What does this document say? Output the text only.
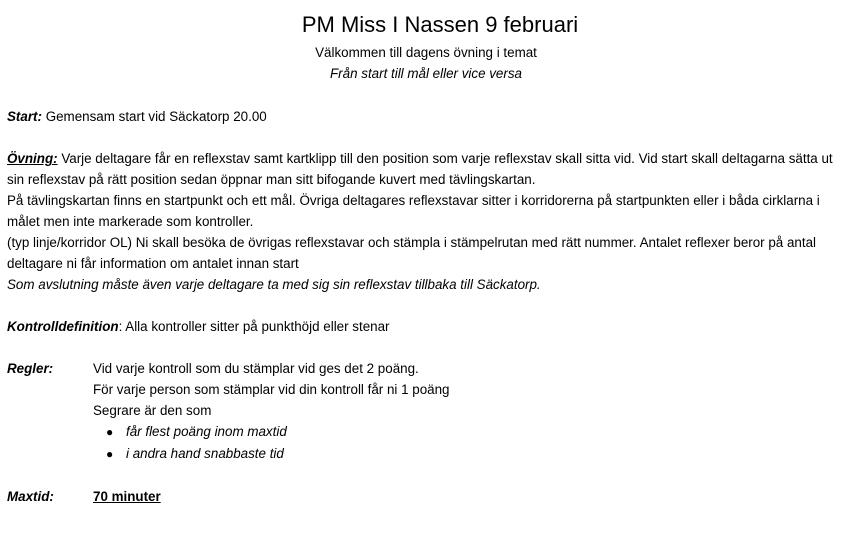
PM Miss I Nassen 9 februari
Välkommen till dagens övning i temat
Från start till mål eller vice versa
Start: Gemensam start vid Säckatorp 20.00
Övning: Varje deltagare får en reflexstav samt kartklipp till den position som varje reflexstav skall sitta vid. Vid start skall deltagarna sätta ut
sin reflexstav på rätt position sedan öppnar man sitt bifogande kuvert med tävlingskartan.
På tävlingskartan finns en startpunkt och ett mål. Övriga deltagares reflexstavar sitter i korridorerna på startpunkten eller i båda cirklarna i
målet men inte markerade som kontroller.
(typ linje/korridor OL) Ni skall besöka de övrigas reflexstavar och stämpla i stämpelrutan med rätt nummer. Antalet reflexer beror på antal
deltagare ni får information om antalet innan start
Som avslutning måste även varje deltagare ta med sig sin reflexstav tillbaka till Säckatorp.
Kontrolldefinition: Alla kontroller sitter på punkthöjd eller stenar
Regler:	Vid varje kontroll som du stämplar vid ges det 2 poäng.
För varje person som stämplar vid din kontroll får ni 1 poäng
Segrare är den som
● får flest poäng inom maxtid
● i andra hand snabbaste tid
Maxtid:	70 minuter
